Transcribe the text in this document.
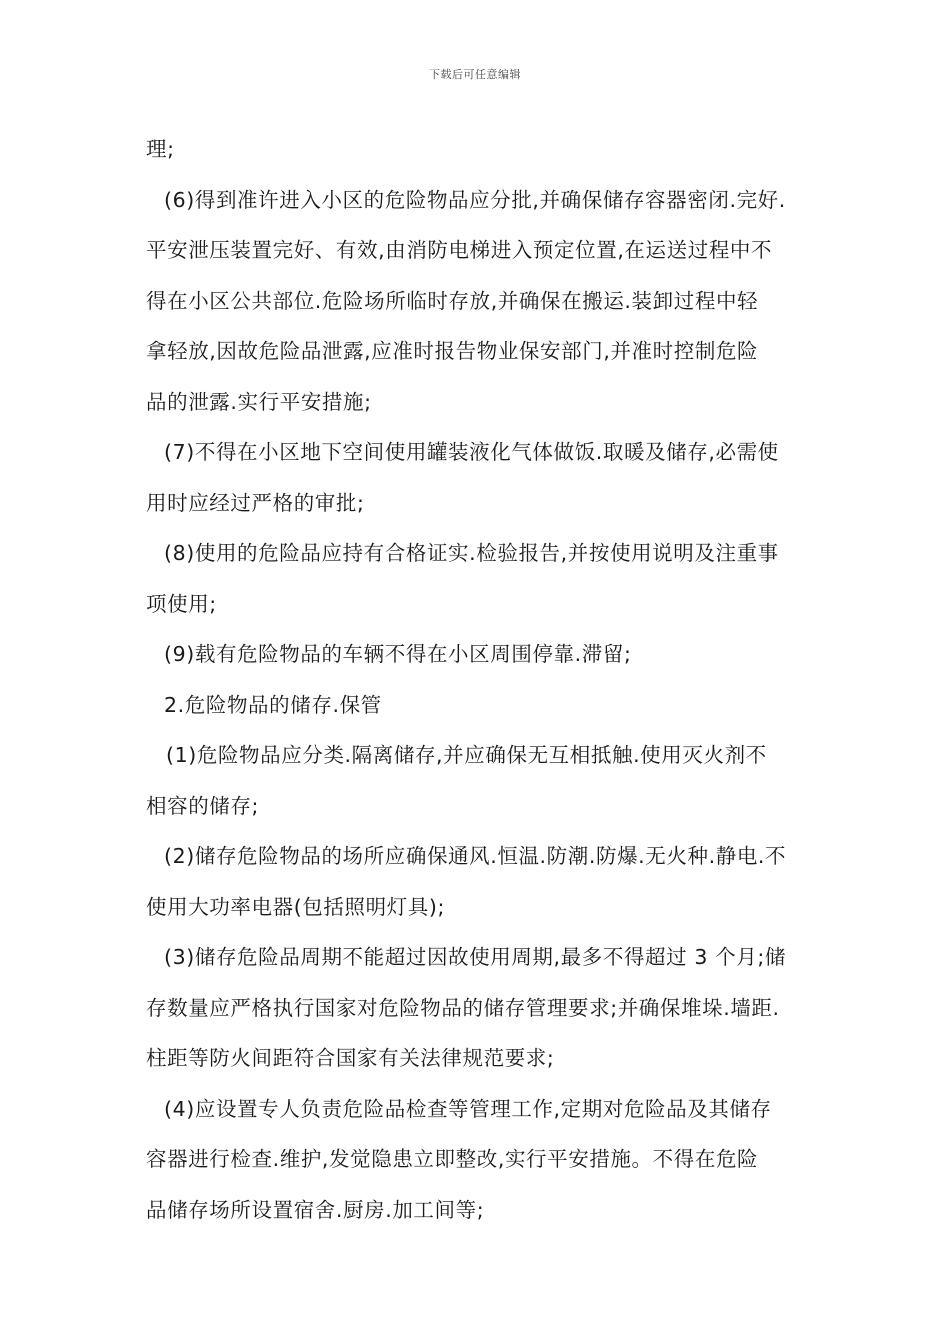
下载后可任意编辑
理;
(6)得到准许进入小区的危险物品应分批,并确保储存容器密闭.完好.
平安泄压装置完好、有效,由消防电梯进入预定位置,在运送过程中不
得在小区公共部位.危险场所临时存放,并确保在搬运.装卸过程中轻
拿轻放,因故危险品泄露,应准时报告物业保安部门,并准时控制危险
品的泄露.实行平安措施;
(7)不得在小区地下空间使用罐装液化气体做饭.取暖及储存,必需使
用时应经过严格的审批;
(8)使用的危险品应持有合格证实.检验报告,并按使用说明及注重事
项使用;
(9)载有危险物品的车辆不得在小区周围停靠.滞留;
2.危险物品的储存.保管
(1)危险物品应分类.隔离储存,并应确保无互相抵触.使用灭火剂不
相容的储存;
(2)储存危险物品的场所应确保通风.恒温.防潮.防爆.无火种.静电.不
使用大功率电器(包括照明灯具);
(3)储存危险品周期不能超过因故使用周期,最多不得超过 3 个月;储
存数量应严格执行国家对危险物品的储存管理要求;并确保堆垛.墙距.
柱距等防火间距符合国家有关法律规范要求;
(4)应设置专人负责危险品检查等管理工作,定期对危险品及其储存
容器进行检查.维护,发觉隐患立即整改,实行平安措施。不得在危险
品储存场所设置宿舍.厨房.加工间等;
